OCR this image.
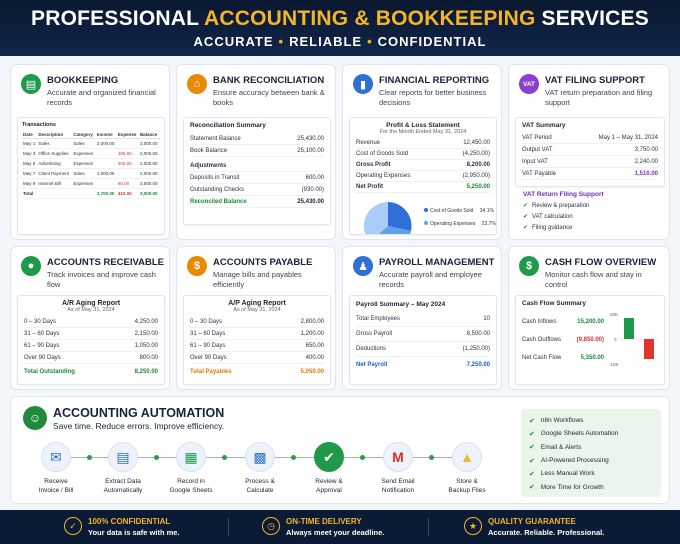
PROFESSIONAL ACCOUNTING & BOOKKEEPING SERVICES
ACCURATE • RELIABLE • CONFIDENTIAL
▤	BOOKKEEPING
Accurate and organized financial records
Transactions
Date	Description	Category	Income	Expense	Balance
May 1	Sales	Sales	2,000.00		2,000.00
May 3	Office Supplies	Expenses		150.00	2,000.00
May 5	Advertising	Expenses		200.00	2,000.00
May 7	Client Payment	Sales	1,000.00		2,000.00
May 9	Internet Bill	Expenses		60.00	2,000.00
Total			3,700.00	410.00	3,000.00
⌂	BANK RECONCILIATION
Ensure accuracy between bank & books
Reconciliation Summary
Statement Balance	25,430.00
Book Balance	25,100.00
Adjustments
Deposits in Transit	600.00
Outstanding Checks	(930.00)
Reconciled Balance	25,430.00
▮	FINANCIAL REPORTING
Clear reports for better business decisions
Profit & Loss Statement
For the Month Ended May 31, 2024
Revenue	12,450.00
Cost of Goods Sold	(4,250.00)
Gross Profit	8,200.00
Operating Expenses	(2,950.00)
Net Profit	5,250.00
Cost of Goods Sold 34.1%
Operating Expenses 23.7%
VAT	VAT FILING SUPPORT
VAT return preparation and filing support
VAT Summary
VAT Period	May 1 – May 31, 2024
Output VAT	3,750.00
Input VAT	2,240.00
VAT Payable	1,510.00
VAT Return Filing Support
✔ Review & preparation
✔ VAT calculation
✔ Filing guidance
●	ACCOUNTS RECEIVABLE
Track invoices and improve cash flow
A/R Aging Report
As of May 31, 2024
0 – 30 Days	4,250.00
31 – 60 Days	2,150.00
61 – 90 Days	1,050.00
Over 90 Days	800.00
Total Outstanding	8,250.00
$	ACCOUNTS PAYABLE
Manage bills and payables efficiently
A/P Aging Report
As of May 31, 2024
0 – 30 Days	2,800.00
31 – 60 Days	1,200.00
61 – 90 Days	650.00
Over 90 Days	400.00
Total Payables	5,050.00
♟	PAYROLL MANAGEMENT
Accurate payroll and employee records
Payroll Summary – May 2024
Total Employees	10
Gross Payroll	8,500.00
Deductions	(1,250.00)
Net Payroll	7,250.00
$	CASH FLOW OVERVIEW
Monitor cash flow and stay in control
Cash Flow Summary
Cash Inflows	15,200.00
Cash Outflows	(9,850.00)
Net Cash Flow	5,350.00
20K
0
-10K
☺ ACCOUNTING AUTOMATION
Save time. Reduce errors. Improve efficiency.
✉
Receive
Invoice / Bill
▤
Extract Data
Automatically
▦
Record in
Google Sheets
▩
Process &
Calculate
✔
Review &
Approval
M
Send Email
Notification
▲
Store &
Backup Files
✔ n8n Workflows
✔ Google Sheets Automation
✔ Email & Alerts
✔ AI-Powered Processing
✔ Less Manual Work
✔ More Time for Growth
✓	100% CONFIDENTIAL
Your data is safe with me.
◷	ON-TIME DELIVERY
Always meet your deadline.
★	QUALITY GUARANTEE
Accurate. Reliable. Professional.
